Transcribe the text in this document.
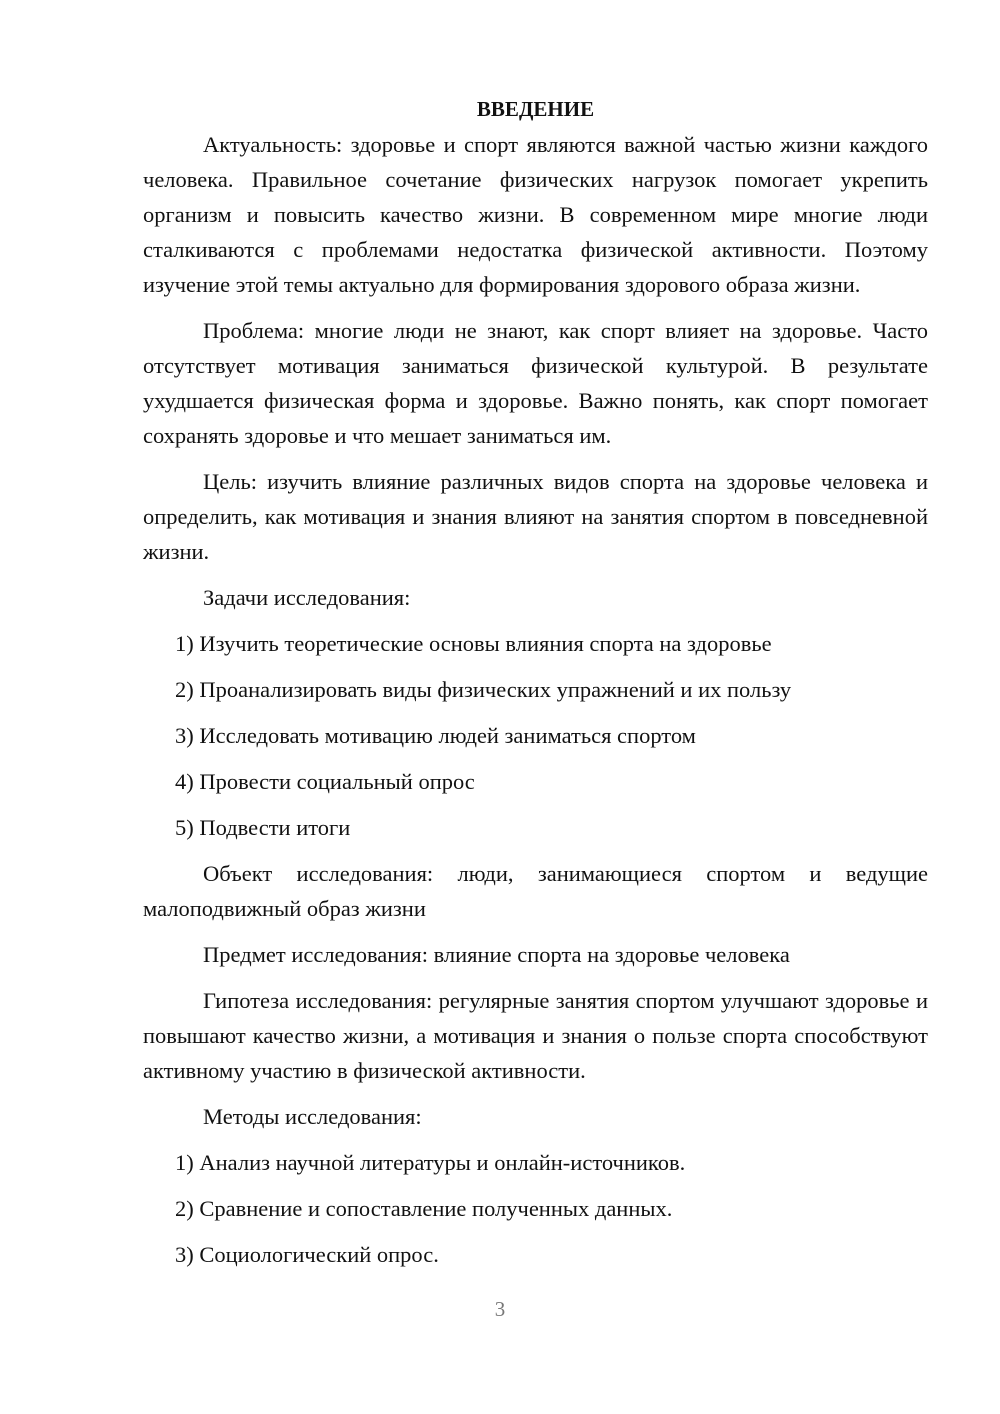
ВВЕДЕНИЕ

Актуальность: здоровье и спорт являются важной частью жизни каждого человека. Правильное сочетание физических нагрузок помогает укрепить организм и повысить качество жизни. В современном мире многие люди сталкиваются с проблемами недостатка физической активности. Поэтому изучение этой темы актуально для формирования здорового образа жизни.

Проблема: многие люди не знают, как спорт влияет на здоровье. Часто отсутствует мотивация заниматься физической культурой. В результате ухудшается физическая форма и здоровье. Важно понять, как спорт помогает сохранять здоровье и что мешает заниматься им.

Цель: изучить влияние различных видов спорта на здоровье человека и определить, как мотивация и знания влияют на занятия спортом в повседневной жизни.

Задачи исследования:

1) Изучить теоретические основы влияния спорта на здоровье

2) Проанализировать виды физических упражнений и их пользу

3) Исследовать мотивацию людей заниматься спортом

4) Провести социальный опрос

5) Подвести итоги

Объект исследования: люди, занимающиеся спортом и ведущие малоподвижный образ жизни

Предмет исследования: влияние спорта на здоровье человека

Гипотеза исследования: регулярные занятия спортом улучшают здоровье и повышают качество жизни, а мотивация и знания о пользе спорта способствуют активному участию в физической активности.

Методы исследования:

1) Анализ научной литературы и онлайн-источников.

2) Сравнение и сопоставление полученных данных.

3) Социологический опрос.

3
